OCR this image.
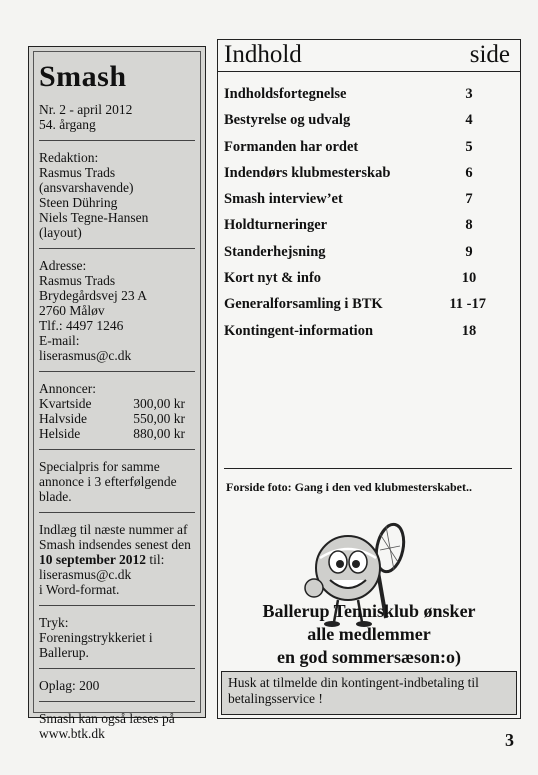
Smash
Nr. 2 - april 2012
54. årgang
Redaktion:
Rasmus Trads
(ansvarshavende)
Steen Dühring
Niels Tegne-Hansen
(layout)
Adresse:
Rasmus Trads
Brydegårdsvej 23 A
2760 Måløv
Tlf.: 4497 1246
E-mail:
liserasmus@c.dk
Annoncer:
Kvartside	300,00 kr
Halvside	550,00 kr
Helside	880,00 kr
Specialpris for samme
annonce i 3 efterfølgende
blade.
Indlæg til næste nummer af
Smash indsendes senest den
10 september 2012 til:
liserasmus@c.dk
i Word-format.
Tryk:
Foreningstrykkeriet i
Ballerup.
Oplag: 200
Smash kan også læses på
www.btk.dk
Indhold	side
Indholdsfortegnelse	3
Bestyrelse og udvalg	4
Formanden har ordet	5
Indendørs klubmesterskab	6
Smash interview’et	7
Holdturneringer	8
Standerhejsning	9
Kort nyt & info	10
Generalforsamling i BTK	11 -17
Kontingent-information	18
Forside foto: Gang i den ved klubmesterskabet..
Ballerup Tennisklub ønsker
alle medlemmer
en god sommersæson:o)
Husk at tilmelde din kontingent-indbetaling til betalingsservice !
3
